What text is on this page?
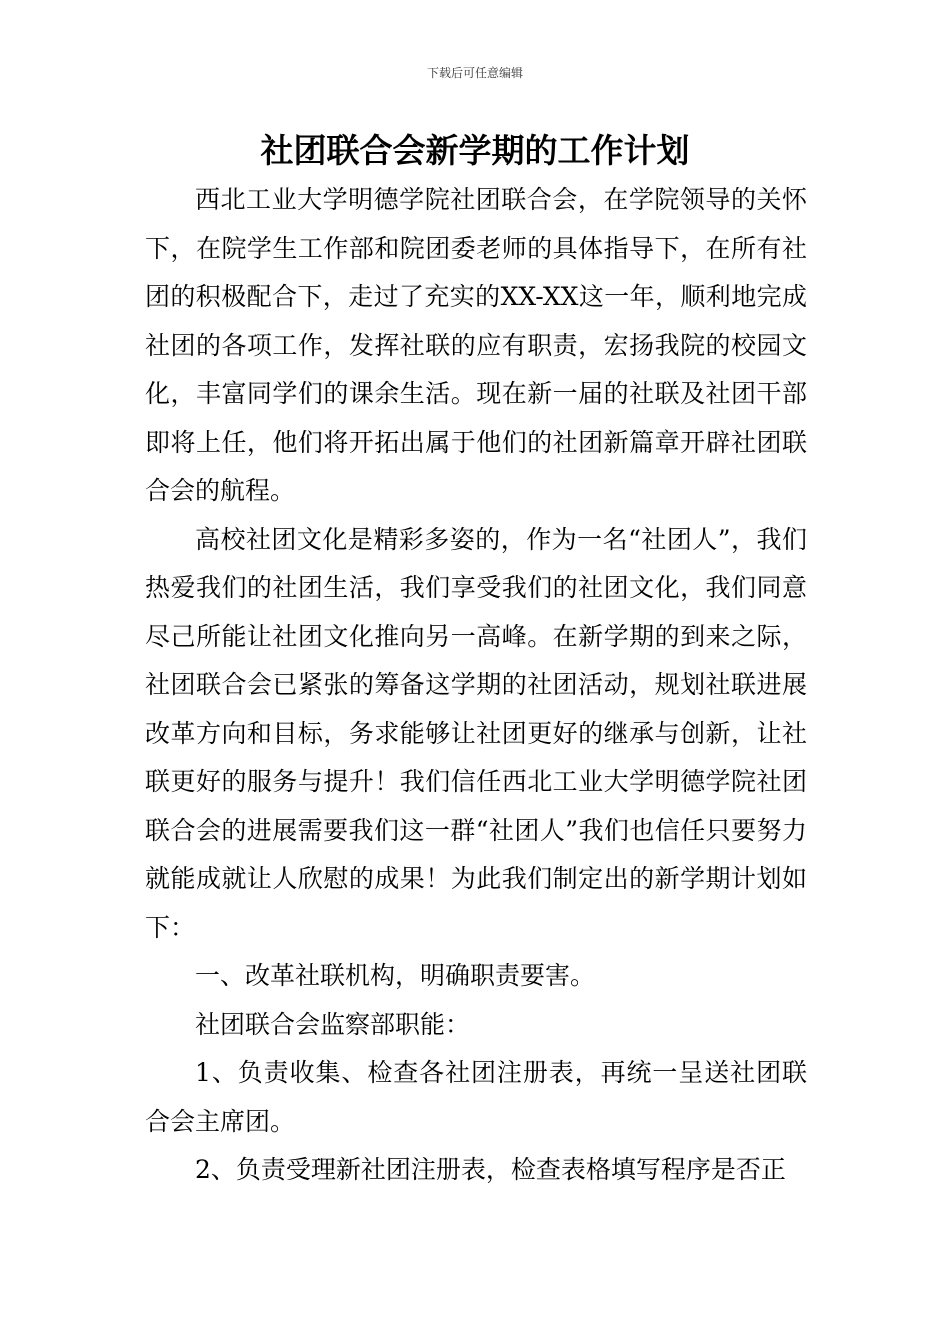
下载后可任意编辑
社团联合会新学期的工作计划

西北工业大学明德学院社团联合会，在学院领导的关怀下，在院学生工作部和院团委老师的具体指导下，在所有社团的积极配合下，走过了充实的XX-XX这一年，顺利地完成社团的各项工作，发挥社联的应有职责，宏扬我院的校园文化，丰富同学们的课余生活。现在新一届的社联及社团干部即将上任，他们将开拓出属于他们的社团新篇章开辟社团联合会的航程。

高校社团文化是精彩多姿的，作为一名“社团人”，我们热爱我们的社团生活，我们享受我们的社团文化，我们同意尽己所能让社团文化推向另一高峰。在新学期的到来之际，社团联合会已紧张的筹备这学期的社团活动，规划社联进展改革方向和目标，务求能够让社团更好的继承与创新，让社联更好的服务与提升！我们信任西北工业大学明德学院社团联合会的进展需要我们这一群“社团人”我们也信任只要努力就能成就让人欣慰的成果！为此我们制定出的新学期计划如下：

一、改革社联机构，明确职责要害。

社团联合会监察部职能：

1、负责收集、检查各社团注册表，再统一呈送社团联合会主席团。

2、负责受理新社团注册表，检查表格填写程序是否正
